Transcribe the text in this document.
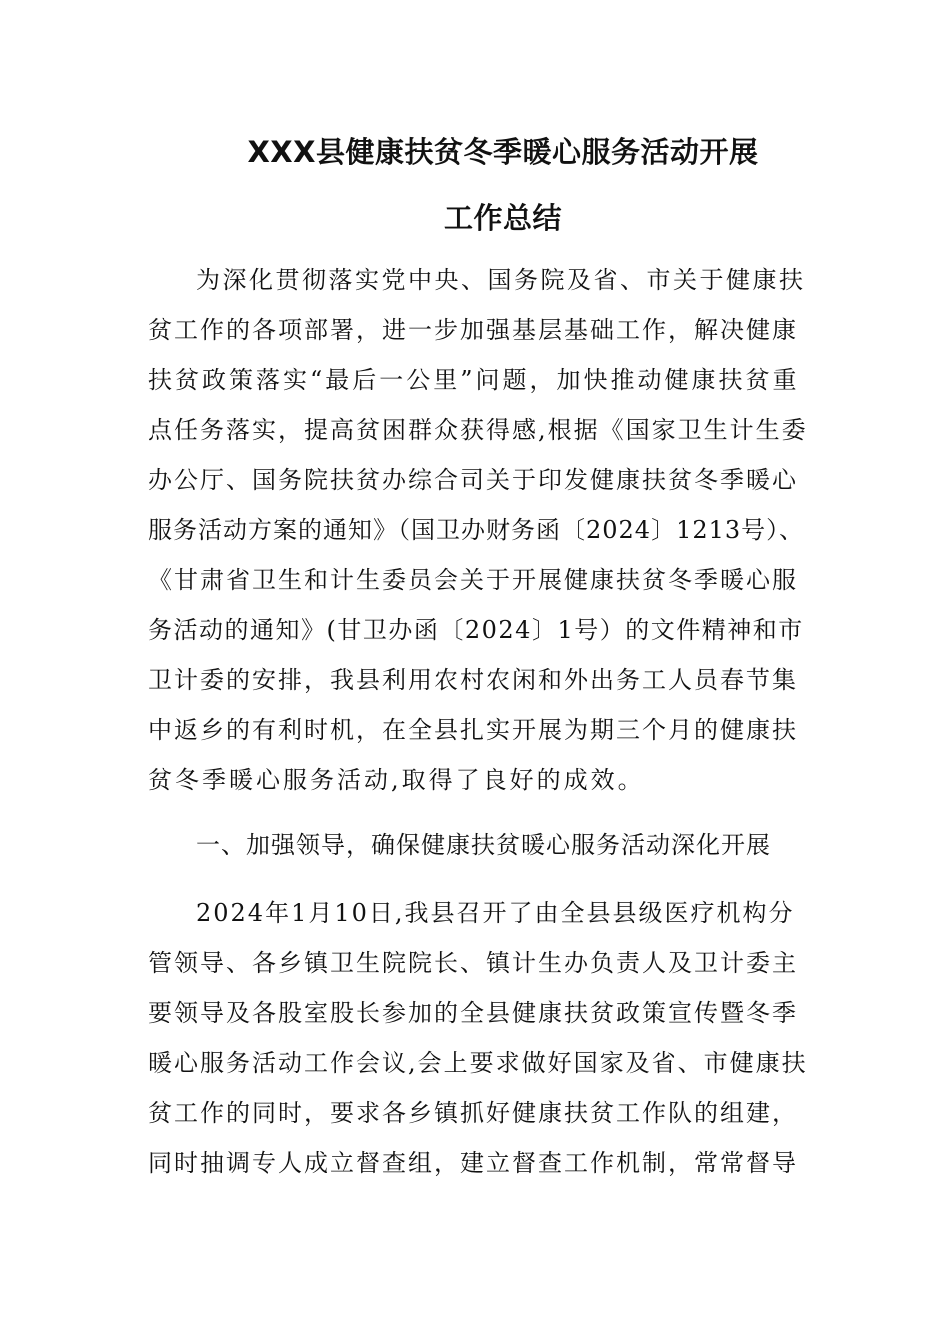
XXX县健康扶贫冬季暖心服务活动开展
工作总结
为深化贯彻落实党中央、国务院及省、市关于健康扶
贫工作的各项部署，进一步加强基层基础工作，解决健康
扶贫政策落实“最后一公里”问题，加快推动健康扶贫重
点任务落实，提高贫困群众获得感,根据《国家卫生计生委
办公厅、国务院扶贫办综合司关于印发健康扶贫冬季暖心
服务活动方案的通知》（国卫办财务函〔2024〕1213号）、
《甘肃省卫生和计生委员会关于开展健康扶贫冬季暖心服
务活动的通知》(甘卫办函〔2024〕1号）的文件精神和市
卫计委的安排，我县利用农村农闲和外出务工人员春节集
中返乡的有利时机，在全县扎实开展为期三个月的健康扶
贫冬季暖心服务活动,取得了良好的成效。
一、加强领导，确保健康扶贫暖心服务活动深化开展
2024年1月10日,我县召开了由全县县级医疗机构分
管领导、各乡镇卫生院院长、镇计生办负责人及卫计委主
要领导及各股室股长参加的全县健康扶贫政策宣传暨冬季
暖心服务活动工作会议,会上要求做好国家及省、市健康扶
贫工作的同时，要求各乡镇抓好健康扶贫工作队的组建，
同时抽调专人成立督查组，建立督查工作机制，常常督导
